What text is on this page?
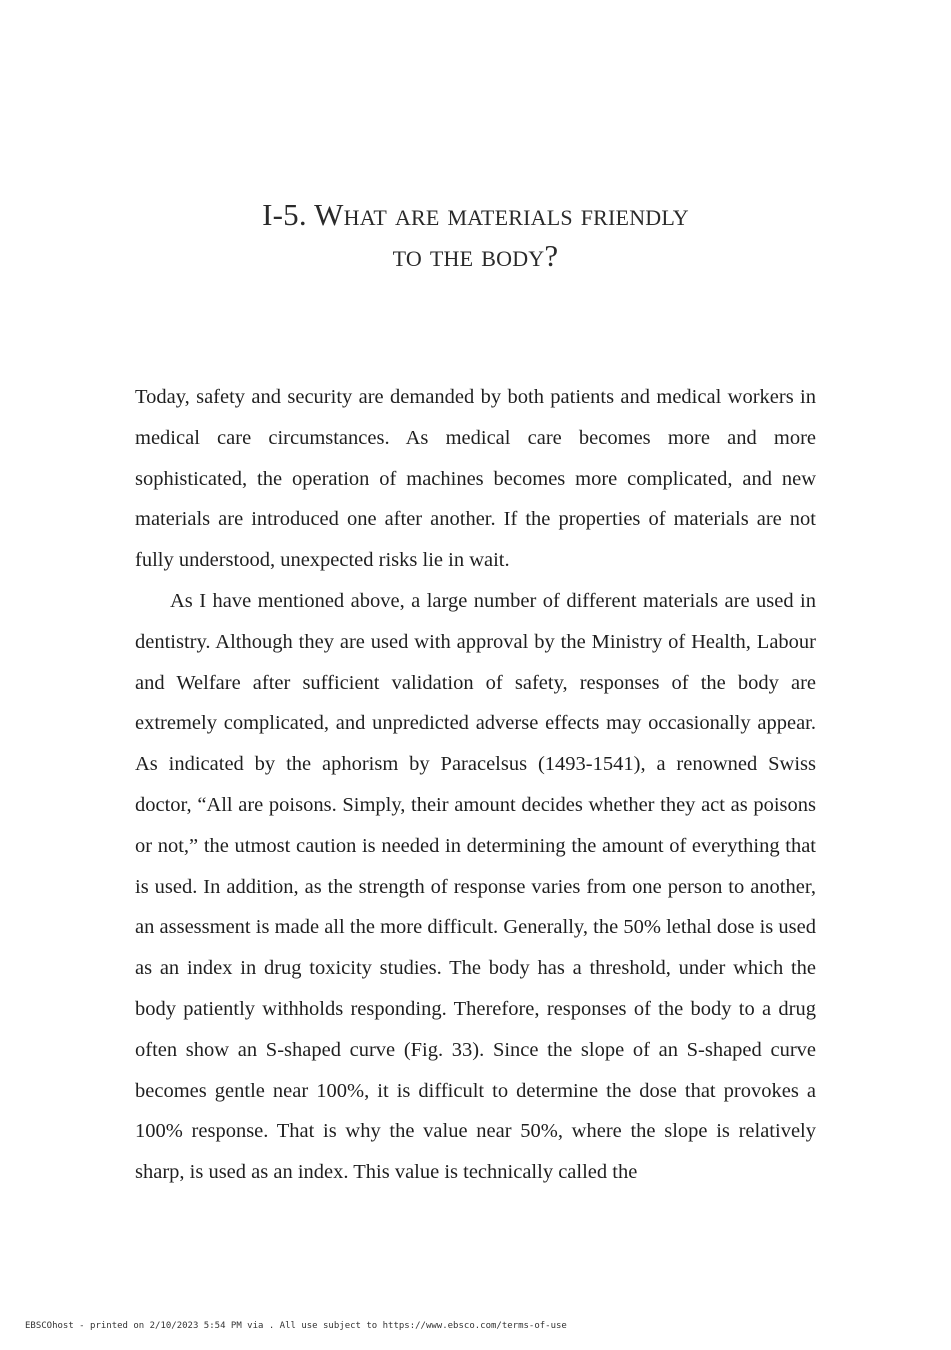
I-5. What are materials friendly
to the body?

Today, safety and security are demanded by both patients and medical workers in medical care circumstances. As medical care becomes more and more sophisticated, the operation of machines becomes more complicated, and new materials are introduced one after another. If the properties of materials are not fully understood, unexpected risks lie in wait.

As I have mentioned above, a large number of different materials are used in dentistry. Although they are used with approval by the Ministry of Health, Labour and Welfare after sufficient validation of safety, responses of the body are extremely complicated, and unpredicted adverse effects may occasionally appear. As indicated by the aphorism by Paracelsus (1493-1541), a renowned Swiss doctor, “All are poisons. Simply, their amount decides whether they act as poisons or not,” the utmost caution is needed in determining the amount of everything that is used. In addition, as the strength of response varies from one person to another, an assessment is made all the more difficult. Generally, the 50% lethal dose is used as an index in drug toxicity studies. The body has a threshold, under which the body patiently withholds responding. Therefore, responses of the body to a drug often show an S-shaped curve (Fig. 33). Since the slope of an S-shaped curve becomes gentle near 100%, it is difficult to determine the dose that provokes a 100% response. That is why the value near 50%, where the slope is relatively sharp, is used as an index. This value is technically called the

EBSCOhost - printed on 2/10/2023 5:54 PM via . All use subject to https://www.ebsco.com/terms-of-use
